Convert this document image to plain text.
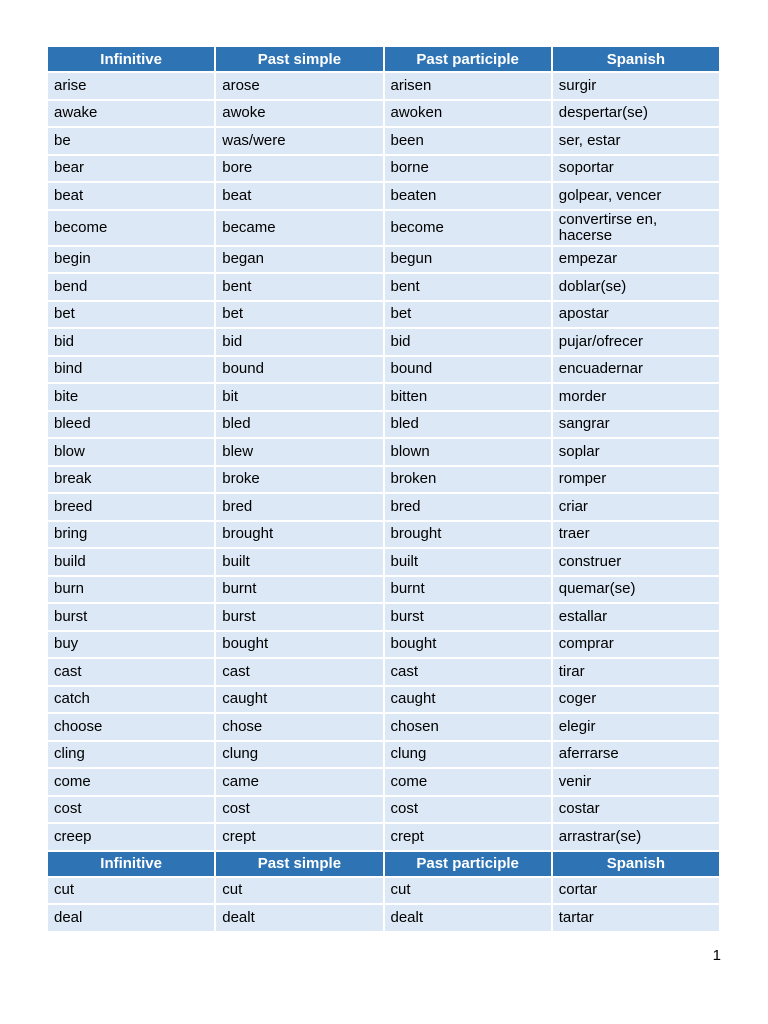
Infinitive	Past simple	Past participle	Spanish
arise	arose	arisen	surgir
awake	awoke	awoken	despertar(se)
be	was/were	been	ser, estar
bear	bore	borne	soportar
beat	beat	beaten	golpear, vencer
become	became	become	convertirse en, hacerse
begin	began	begun	empezar
bend	bent	bent	doblar(se)
bet	bet	bet	apostar
bid	bid	bid	pujar/ofrecer
bind	bound	bound	encuadernar
bite	bit	bitten	morder
bleed	bled	bled	sangrar
blow	blew	blown	soplar
break	broke	broken	romper
breed	bred	bred	criar
bring	brought	brought	traer
build	built	built	construer
burn	burnt	burnt	quemar(se)
burst	burst	burst	estallar
buy	bought	bought	comprar
cast	cast	cast	tirar
catch	caught	caught	coger
choose	chose	chosen	elegir
cling	clung	clung	aferrarse
come	came	come	venir
cost	cost	cost	costar
creep	crept	crept	arrastrar(se)
Infinitive	Past simple	Past participle	Spanish
cut	cut	cut	cortar
deal	dealt	dealt	tartar
1
